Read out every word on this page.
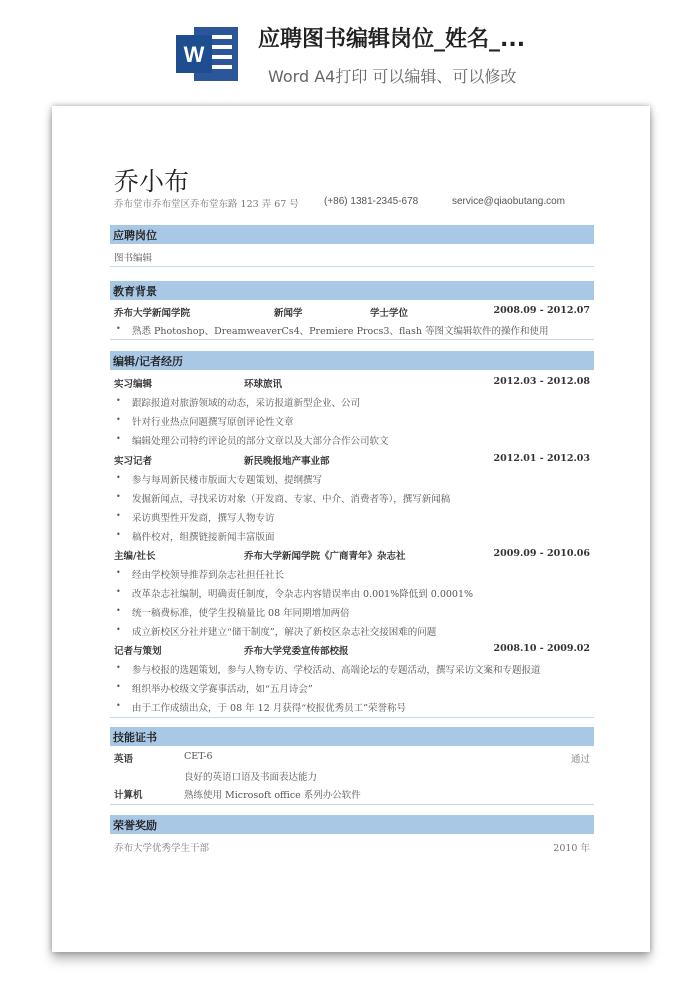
W
应聘图书编辑岗位_姓名_...
Word A4打印 可以编辑、可以修改
乔小布
乔布堂市乔布堂区乔布堂东路 123 弄 67 号	(+86) 1381-2345-678	service@qiaobutang.com
应聘岗位
图书编辑
教育背景
乔布大学新闻学院	新闻学	学士学位	2008.09 - 2012.07
• 熟悉 Photoshop、DreamweaverCs4、Premiere Procs3、flash 等图文编辑软件的操作和使用
编辑/记者经历
实习编辑	环球旅讯	2012.03 - 2012.08
• 跟踪报道对旅游领域的动态，采访报道新型企业、公司
• 针对行业热点问题撰写原创评论性文章
• 编辑处理公司特约评论员的部分文章以及大部分合作公司软文
实习记者	新民晚报地产事业部	2012.01 - 2012.03
• 参与每周新民楼市版面大专题策划、提纲撰写
• 发掘新闻点，寻找采访对象（开发商、专家、中介、消费者等），撰写新闻稿
• 采访典型性开发商，撰写人物专访
• 稿件校对，组撰链接新闻丰富版面
主编/社长	乔布大学新闻学院《广商青年》杂志社	2009.09 - 2010.06
• 经由学校领导推荐到杂志社担任社长
• 改革杂志社编制，明确责任制度，令杂志内容错误率由 0.001%降低到 0.0001%
• 统一稿费标准，使学生投稿量比 08 年同期增加两倍
• 成立新校区分社并建立“储干制度”，解决了新校区杂志社交接困难的问题
记者与策划	乔布大学党委宣传部校报	2008.10 - 2009.02
• 参与校报的选题策划，参与人物专访、学校活动、高端论坛的专题活动，撰写采访文案和专题报道
• 组织举办校级文学赛事活动，如“五月诗会”
• 由于工作成绩出众，于 08 年 12 月获得“校报优秀员工”荣誉称号
技能证书
英语	CET-6	通过
良好的英语口语及书面表达能力
计算机	熟练使用 Microsoft office 系列办公软件
荣誉奖励
乔布大学优秀学生干部	2010 年
